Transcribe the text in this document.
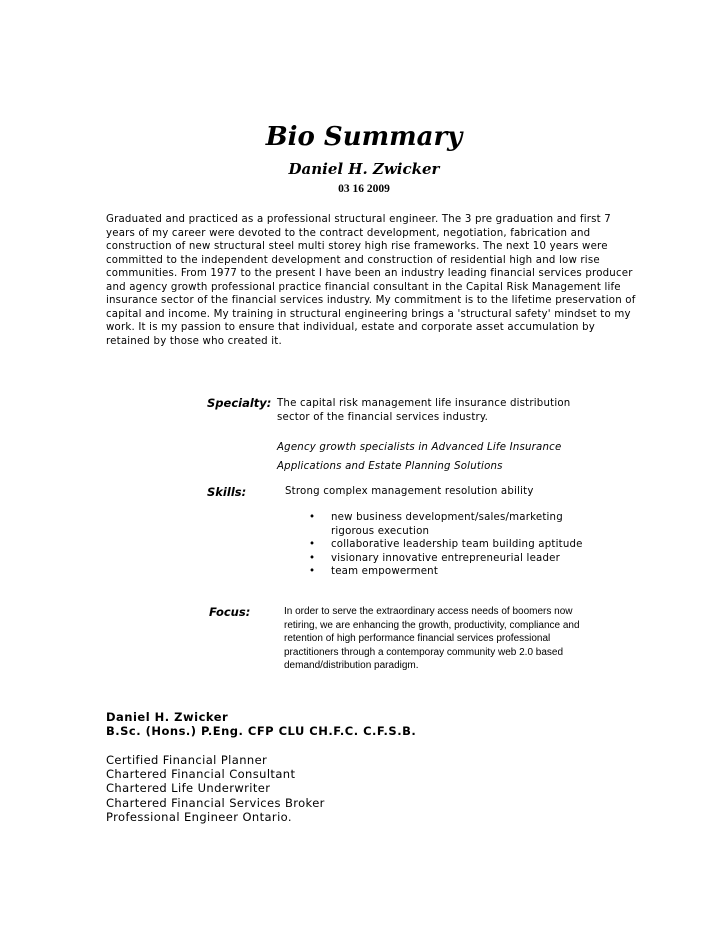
Bio Summary
Daniel H. Zwicker
03 16 2009

Graduated and practiced as a professional structural engineer. The 3 pre graduation and first 7 years of my career were devoted to the contract development, negotiation, fabrication and construction of new structural steel multi storey high rise frameworks. The next 10 years were committed to the independent development and construction of residential high and low rise communities. From 1977 to the present I have been an industry leading financial services producer and agency growth professional practice financial consultant in the Capital Risk Management life insurance sector of the financial services industry. My commitment is to the lifetime preservation of capital and income. My training in structural engineering brings a 'structural safety' mindset to my work. It is my passion to ensure that individual, estate and corporate asset accumulation by retained by those who created it.

Specialty: The capital risk management life insurance distribution sector of the financial services industry.
Agency growth specialists in Advanced Life Insurance Applications and Estate Planning Solutions
Skills:	Strong complex management resolution ability
• new business development/sales/marketing rigorous execution
• collaborative leadership team building aptitude
• visionary innovative entrepreneurial leader
• team empowerment
Focus:	In order to serve the extraordinary access needs of boomers now retiring, we are enhancing the growth, productivity, compliance and retention of high performance financial services professional practitioners through a contemporay community web 2.0 based demand/distribution paradigm.
Daniel H. Zwicker
B.Sc. (Hons.) P.Eng. CFP CLU CH.F.C. C.F.S.B.
Certified Financial Planner
Chartered Financial Consultant
Chartered Life Underwriter
Chartered Financial Services Broker
Professional Engineer Ontario.
